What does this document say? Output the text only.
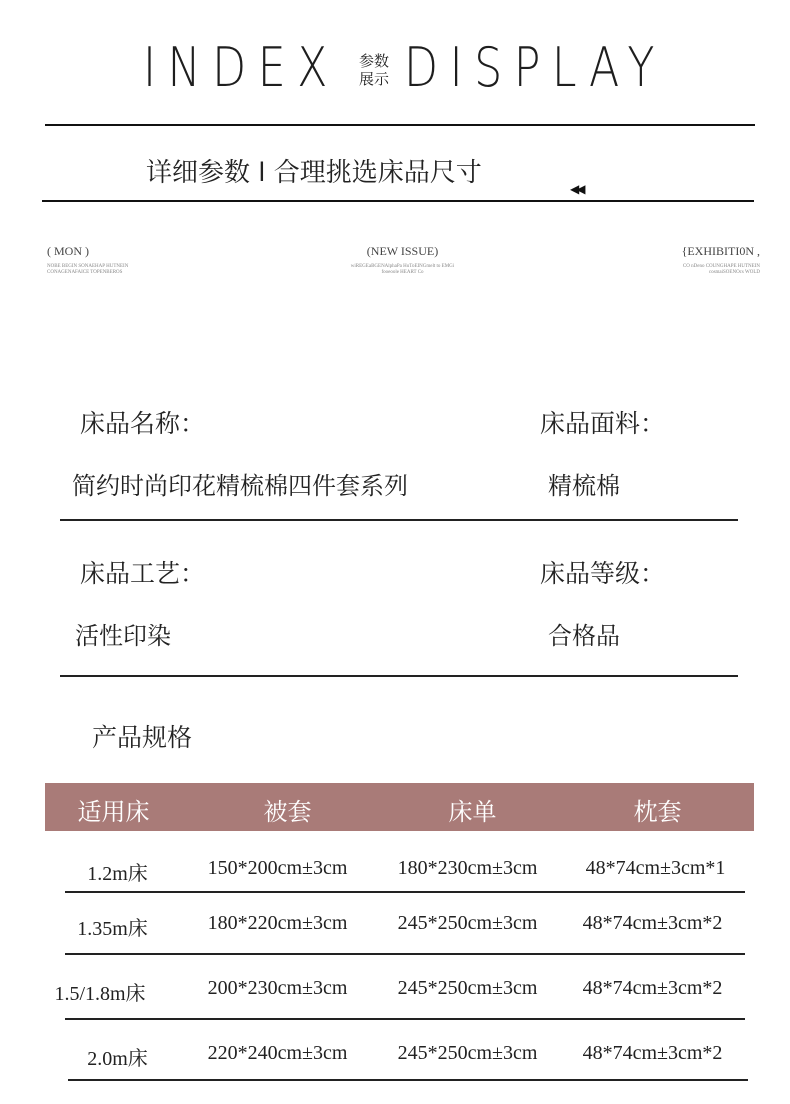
INDEX 参数
展示 DISPLAY
详细参数 l 合理挑选床品尺寸
◀◀
( MON )
NOBE BEGIN SONAEHAP HUTNEIN
CONAGENAFAICE TOPENBEROS
(NEW ISSUE)
wiREGEaBGENAlphaPa HuToEINGmelt to EMGi
fooeoole HEART Co
{EXHIBITI0N ,
CO nDeno COUNGHAPE HUTNEIN
cosmaiSOENOcs WOLD
床品名称：	床品面料：
简约时尚印花精梳棉四件套系列	精梳棉
床品工艺：	床品等级：
活性印染	合格品
产品规格
适用床	被套	床单	枕套
1.2m床	150*200cm±3cm	180*230cm±3cm	48*74cm±3cm*1
1.35m床	180*220cm±3cm	245*250cm±3cm	48*74cm±3cm*2
1.5/1.8m床	200*230cm±3cm	245*250cm±3cm	48*74cm±3cm*2
2.0m床	220*240cm±3cm	245*250cm±3cm	48*74cm±3cm*2
